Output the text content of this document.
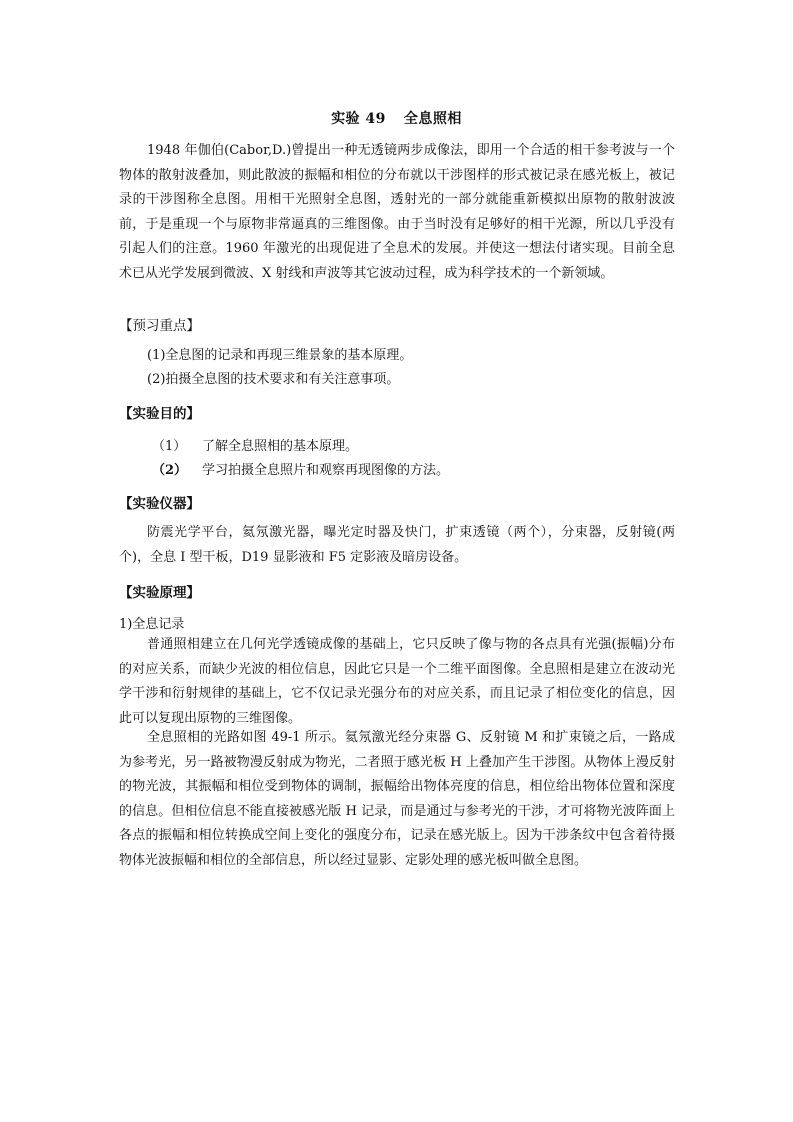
实验 49 全息照相

1948 年伽伯(Cabor,D.)曾提出一种无透镜两步成像法，即用一个合适的相干参考波与一个物体的散射波叠加，则此散波的振幅和相位的分布就以干涉图样的形式被记录在感光板上，被记录的干涉图称全息图。用相干光照射全息图，透射光的一部分就能重新模拟出原物的散射波波前，于是重现一个与原物非常逼真的三维图像。由于当时没有足够好的相干光源，所以几乎没有引起人们的注意。1960 年激光的出现促进了全息术的发展。并使这一想法付诸实现。目前全息术已从光学发展到微波、X 射线和声波等其它波动过程，成为科学技术的一个新领域。

【预习重点】

(1)全息图的记录和再现三维景象的基本原理。

(2)拍摄全息图的技术要求和有关注意事项。

【实验目的】

（1） 了解全息照相的基本原理。

（2） 学习拍摄全息照片和观察再现图像的方法。

【实验仪器】

防震光学平台，氦氖激光器，曝光定时器及快门，扩束透镜（两个），分束器，反射镜(两个)，全息 I 型干板，D19 显影液和 F5 定影液及暗房设备。

【实验原理】

1)全息记录

普通照相建立在几何光学透镜成像的基础上，它只反映了像与物的各点具有光强(振幅)分布的对应关系，而缺少光波的相位信息，因此它只是一个二维平面图像。全息照相是建立在波动光学干涉和衍射规律的基础上，它不仅记录光强分布的对应关系，而且记录了相位变化的信息，因此可以复现出原物的三维图像。

全息照相的光路如图 49-1 所示。氦氖激光经分束器 G、反射镜 M 和扩束镜之后，一路成为参考光，另一路被物漫反射成为物光，二者照于感光板 H 上叠加产生干涉图。从物体上漫反射的物光波，其振幅和相位受到物体的调制，振幅给出物体亮度的信息，相位给出物体位置和深度的信息。但相位信息不能直接被感光版 H 记录，而是通过与参考光的干涉，才可将物光波阵面上各点的振幅和相位转换成空间上变化的强度分布，记录在感光版上。因为干涉条纹中包含着待摄物体光波振幅和相位的全部信息，所以经过显影、定影处理的感光板叫做全息图。
